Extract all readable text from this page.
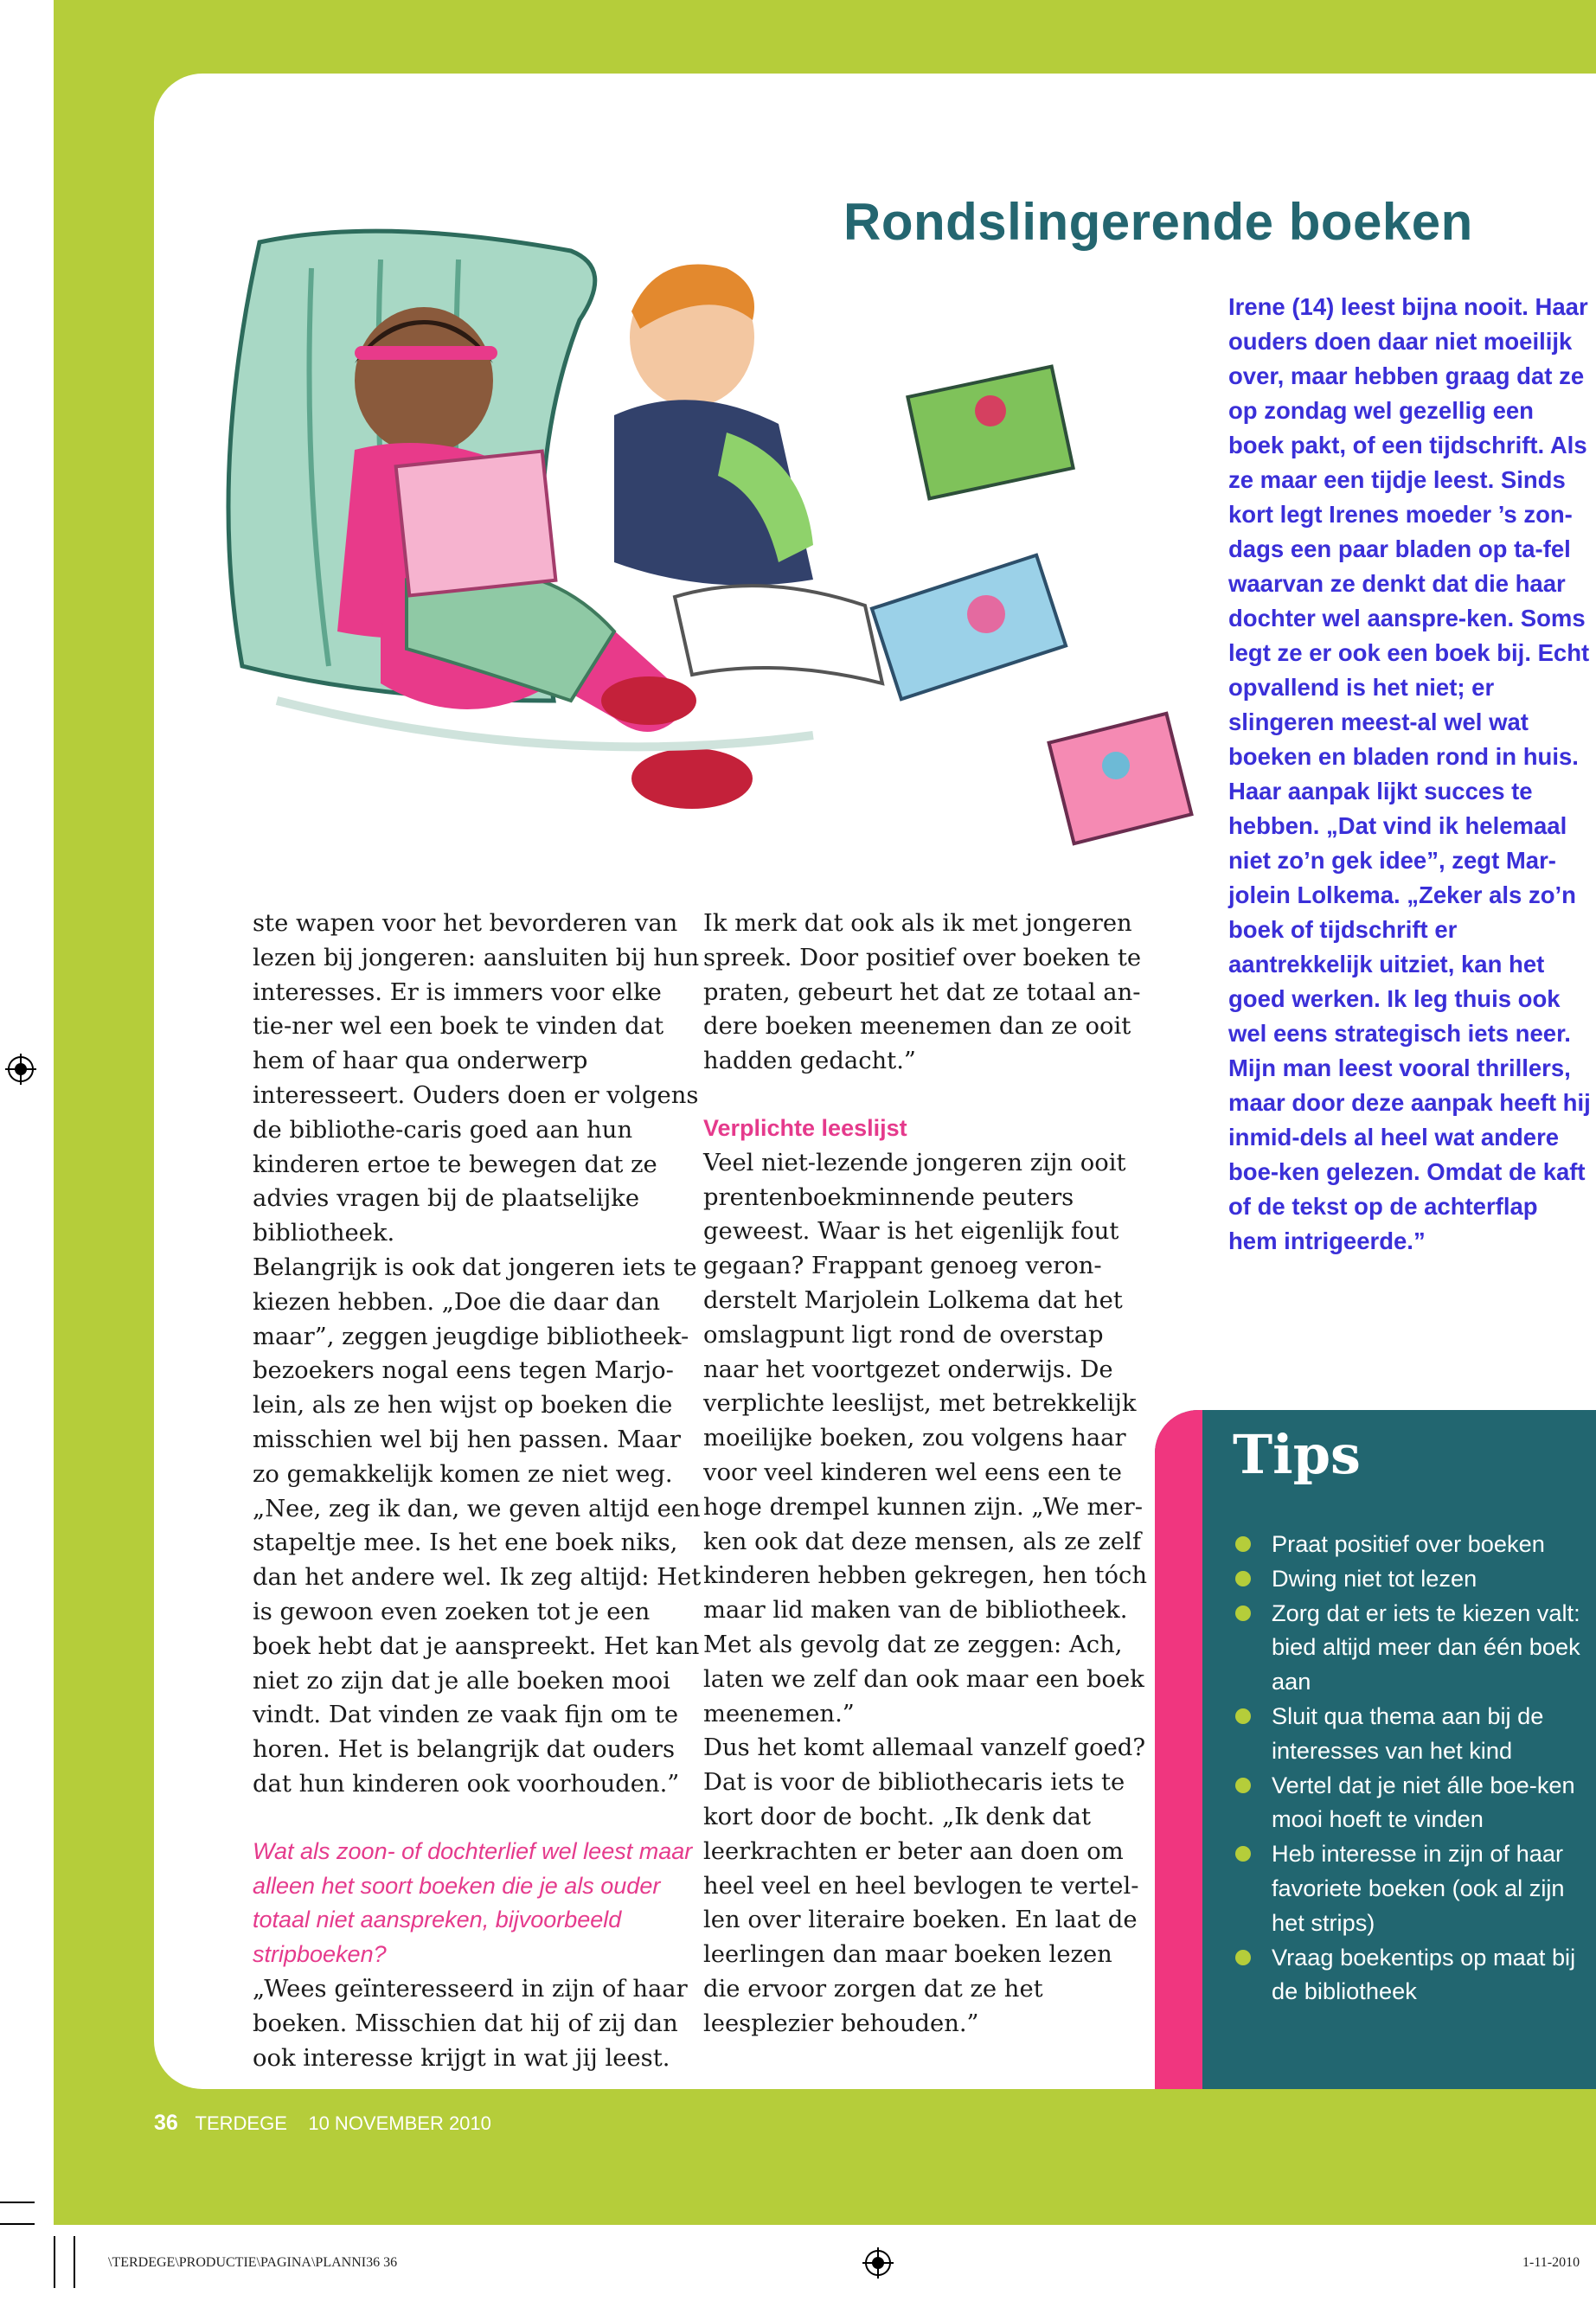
Rondslingerende boeken

ste wapen voor het bevorderen van lezen bij jongeren: aansluiten bij hun interesses. Er is immers voor elke tie-ner wel een boek te vinden dat hem of haar qua onderwerp interesseert. Ouders doen er volgens de bibliothe-caris goed aan hun kinderen ertoe te bewegen dat ze advies vragen bij de plaatselijke bibliotheek.

Belangrijk is ook dat jongeren iets te kiezen hebben. „Doe die daar dan maar”, zeggen jeugdige bibliotheek-bezoekers nogal eens tegen Marjo-lein, als ze hen wijst op boeken die misschien wel bij hen passen. Maar zo gemakkelijk komen ze niet weg. „Nee, zeg ik dan, we geven altijd een stapeltje mee. Is het ene boek niks, dan het andere wel. Ik zeg altijd: Het is gewoon even zoeken tot je een boek hebt dat je aanspreekt. Het kan niet zo zijn dat je alle boeken mooi vindt. Dat vinden ze vaak fijn om te horen. Het is belangrijk dat ouders dat hun kinderen ook voorhouden.”

Wat als zoon- of dochterlief wel leest maar alleen het soort boeken die je als ouder totaal niet aanspreken, bijvoorbeeld stripboeken?

„Wees geïnteresseerd in zijn of haar boeken. Misschien dat hij of zij dan ook interesse krijgt in wat jij leest.

Ik merk dat ook als ik met jongeren spreek. Door positief over boeken te praten, gebeurt het dat ze totaal an-dere boeken meenemen dan ze ooit hadden gedacht.”

Verplichte leeslijst

Veel niet-lezende jongeren zijn ooit prentenboekminnende peuters geweest. Waar is het eigenlijk fout gegaan? Frappant genoeg veron-derstelt Marjolein Lolkema dat het omslagpunt ligt rond de overstap naar het voortgezet onderwijs. De verplichte leeslijst, met betrekkelijk moeilijke boeken, zou volgens haar voor veel kinderen wel eens een te hoge drempel kunnen zijn. „We mer-ken ook dat deze mensen, als ze zelf kinderen hebben gekregen, hen tóch maar lid maken van de bibliotheek. Met als gevolg dat ze zeggen: Ach, laten we zelf dan ook maar een boek meenemen.”

Dus het komt allemaal vanzelf goed? Dat is voor de bibliothecaris iets te kort door de bocht. „Ik denk dat leerkrachten er beter aan doen om heel veel en heel bevlogen te vertel-len over literaire boeken. En laat de leerlingen dan maar boeken lezen die ervoor zorgen dat ze het leesplezier behouden.”

Irene (14) leest bijna nooit. Haar ouders doen daar niet moeilijk over, maar hebben graag dat ze op zondag wel gezellig een boek pakt, of een tijdschrift. Als ze maar een tijdje leest. Sinds kort legt Irenes moeder ’s zon-dags een paar bladen op ta-fel waarvan ze denkt dat die haar dochter wel aanspre-ken. Soms legt ze er ook een boek bij. Echt opvallend is het niet; er slingeren meest-al wel wat boeken en bladen rond in huis. Haar aanpak lijkt succes te hebben. „Dat vind ik helemaal niet zo’n gek idee”, zegt Mar-jolein Lolkema. „Zeker als zo’n boek of tijdschrift er aantrekkelijk uitziet, kan het goed werken. Ik leg thuis ook wel eens strategisch iets neer. Mijn man leest vooral thrillers, maar door deze aanpak heeft hij inmid-dels al heel wat andere boe-ken gelezen. Omdat de kaft of de tekst op de achterflap hem intrigeerde.”

Tips
Praat positief over boeken
Dwing niet tot lezen
Zorg dat er iets te kiezen valt: bied altijd meer dan één boek aan
Sluit qua thema aan bij de interesses van het kind
Vertel dat je niet álle boe-ken mooi hoeft te vinden
Heb interesse in zijn of haar favoriete boeken (ook al zijn het strips)
Vraag boekentips op maat bij de bibliotheek
36 TERDEGE 10 NOVEMBER 2010
\TERDEGE\PRODUCTIE\PAGINA\PLANNI36 36	1-11-2010
